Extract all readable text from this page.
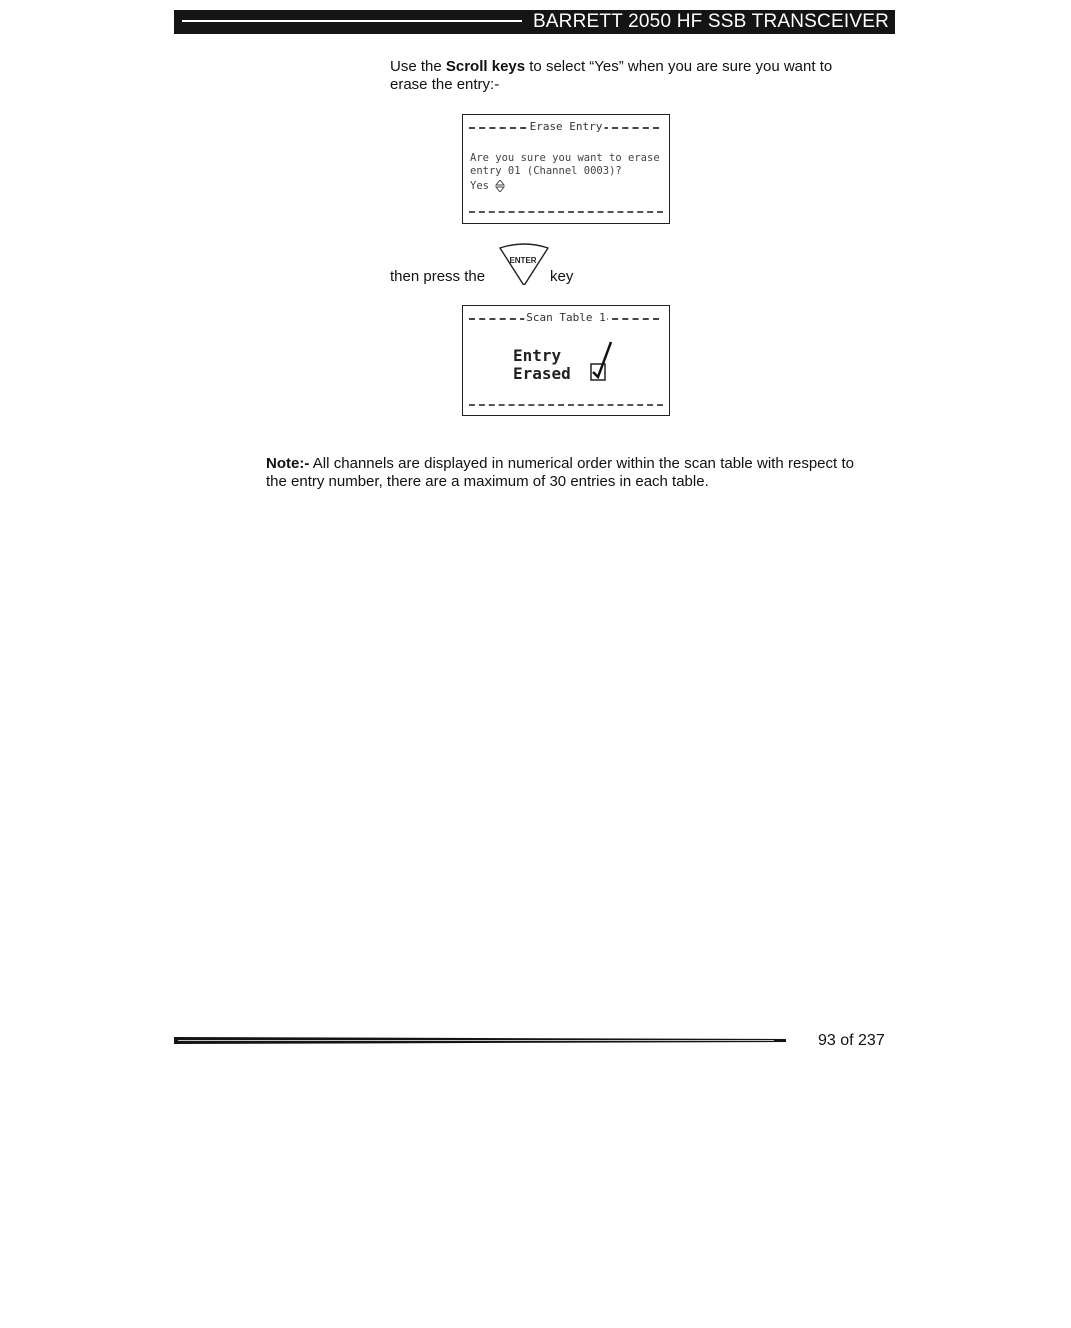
BARRETT 2050 HF SSB TRANSCEIVER
Use the Scroll keys to select “Yes” when you are sure you want to erase the entry:-
Erase Entry
Are you sure you want to erase
entry 01 (Channel 0003)?
Yes
then press the
ENTER
key
Scan Table 1
Entry
Erased
Note:- All channels are displayed in numerical order within the scan table with respect to the entry number, there are a maximum of 30 entries in each table.
93 of 237
